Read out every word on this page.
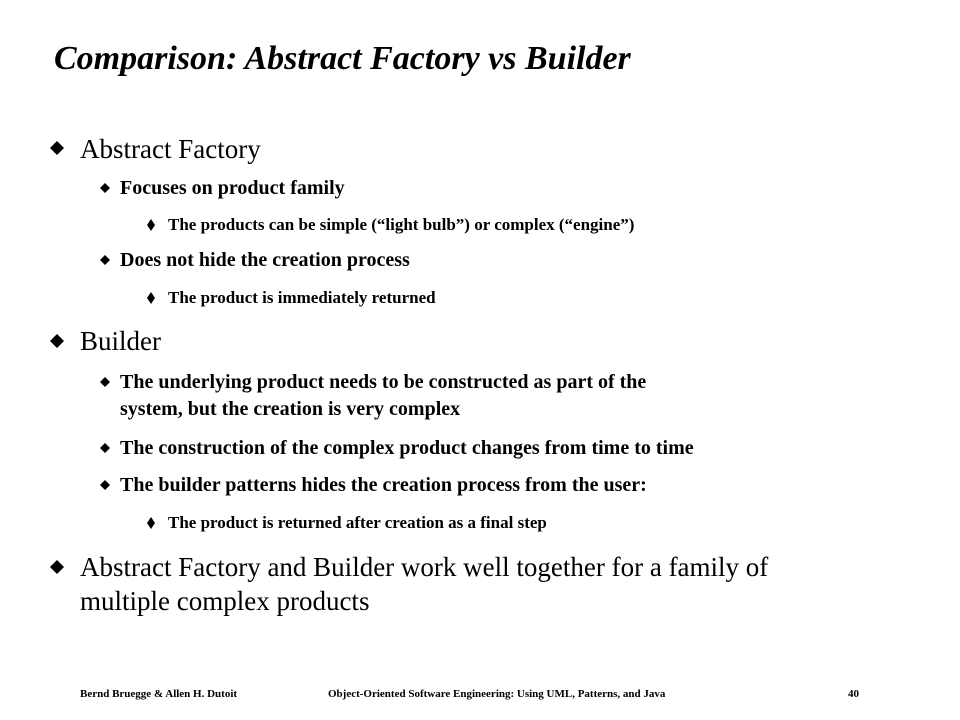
Comparison: Abstract Factory vs Builder
Abstract Factory
Focuses on product family
The products can be simple (“light bulb”) or complex (“engine”)
Does not hide the creation process
The product is immediately returned
Builder
The underlying product needs to be constructed as part of the
system, but the creation is very complex
The construction of the complex product changes from time to time
The builder patterns hides the creation process from the user:
The product is returned after creation as a final step
Abstract Factory and Builder work well together for a family of
multiple complex products
Bernd Bruegge & Allen H. Dutoit	Object-Oriented Software Engineering: Using UML, Patterns, and Java	40
